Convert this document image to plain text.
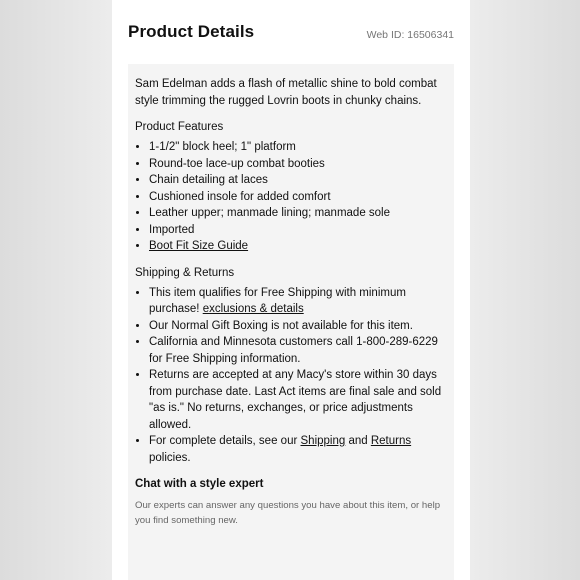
Product Details	Web ID: 16506341

Sam Edelman adds a flash of metallic shine to bold combat style trimming the rugged Lovrin boots in chunky chains.

Product Features
• 1-1/2" block heel; 1" platform
• Round-toe lace-up combat booties
• Chain detailing at laces
• Cushioned insole for added comfort
• Leather upper; manmade lining; manmade sole
• Imported
• Boot Fit Size Guide
Shipping & Returns
• This item qualifies for Free Shipping with minimum purchase! exclusions & details
• Our Normal Gift Boxing is not available for this item.
• California and Minnesota customers call 1-800-289-6229 for Free Shipping information.
• Returns are accepted at any Macy's store within 30 days from purchase date. Last Act items are final sale and sold "as is." No returns, exchanges, or price adjustments allowed.
• For complete details, see our Shipping and Returns policies.
Chat with a style expert
Our experts can answer any questions you have about this item, or help you find something new.
